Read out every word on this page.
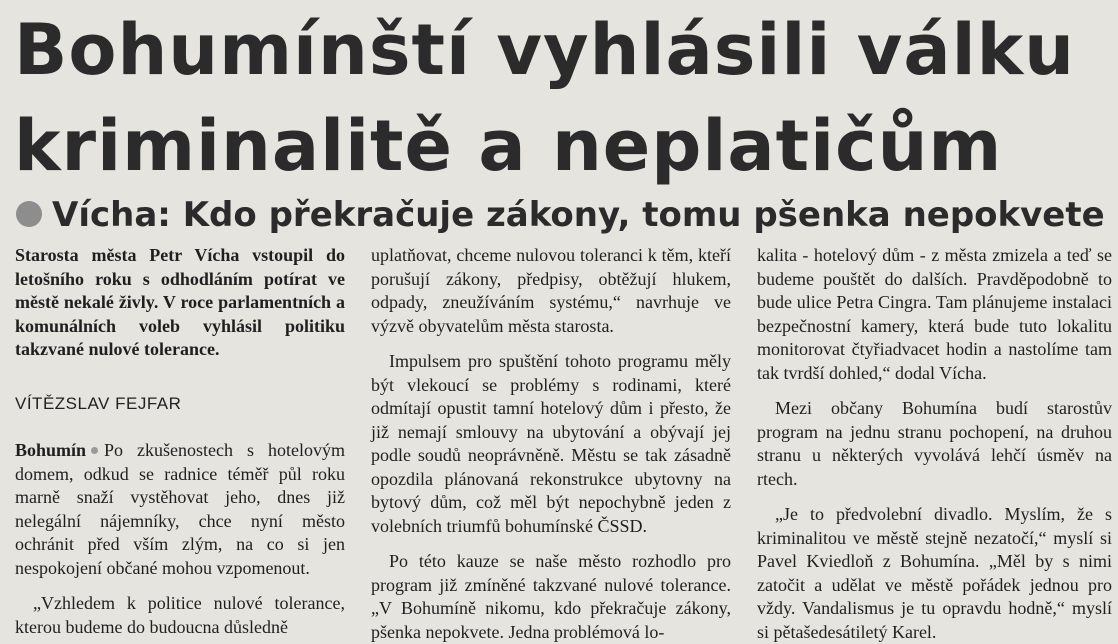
Bohumínští vyhlásili válku
kriminalitě a neplatičům
Vícha: Kdo překračuje zákony, tomu pšenka nepokvete

Starosta města Petr Vícha vstoupil do letošního roku s odhodláním potírat ve městě nekalé živly. V roce parlamentních a komunálních voleb vyhlásil politiku takzvané nulové tolerance.

VÍTĚZSLAV FEJFAR

Bohumín Po zkušenostech s hotelovým domem, odkud se radnice téměř půl roku marně snaží vystěhovat jeho, dnes již nelegální nájemníky, chce nyní město ochránit před vším zlým, na co si jen nespokojení občané mohou vzpomenout.

„Vzhledem k politice nulové tolerance, kterou budeme do budoucna důsledně

uplatňovat, chceme nulovou toleranci k těm, kteří porušují zákony, předpisy, obtěžují hlukem, odpady, zneužíváním systému,“ navrhuje ve výzvě obyvatelům města starosta.

Impulsem pro spuštění tohoto programu měly být vlekoucí se problémy s rodinami, které odmítají opustit tamní hotelový dům i přesto, že již nemají smlouvy na ubytování a obývají jej podle soudů neoprávněně. Městu se tak zásadně opozdila plánovaná rekonstrukce ubytovny na bytový dům, což měl být nepochybně jeden z volebních triumfů bohumínské ČSSD.

Po této kauze se naše město rozhodlo pro program již zmíněné takzvané nulové tolerance. „V Bohumíně nikomu, kdo překračuje zákony, pšenka nepokvete. Jedna problémová lo-

kalita - hotelový dům - z města zmizela a teď se budeme pouštět do dalších. Pravděpodobně to bude ulice Petra Cingra. Tam plánujeme instalaci bezpečnostní kamery, která bude tuto lokalitu monitorovat čtyřiadvacet hodin a nastolíme tam tak tvrdší dohled,“ dodal Vícha.

Mezi občany Bohumína budí starostův program na jednu stranu pochopení, na druhou stranu u některých vyvolává lehčí úsměv na rtech.

„Je to předvolební divadlo. Myslím, že s kriminalitou ve městě stejně nezatočí,“ myslí si Pavel Kviedloň z Bohumína. „Měl by s nimi zatočit a udělat ve městě pořádek jednou pro vždy. Vandalismus je tu opravdu hodně,“ myslí si pětašedesátiletý Karel.
